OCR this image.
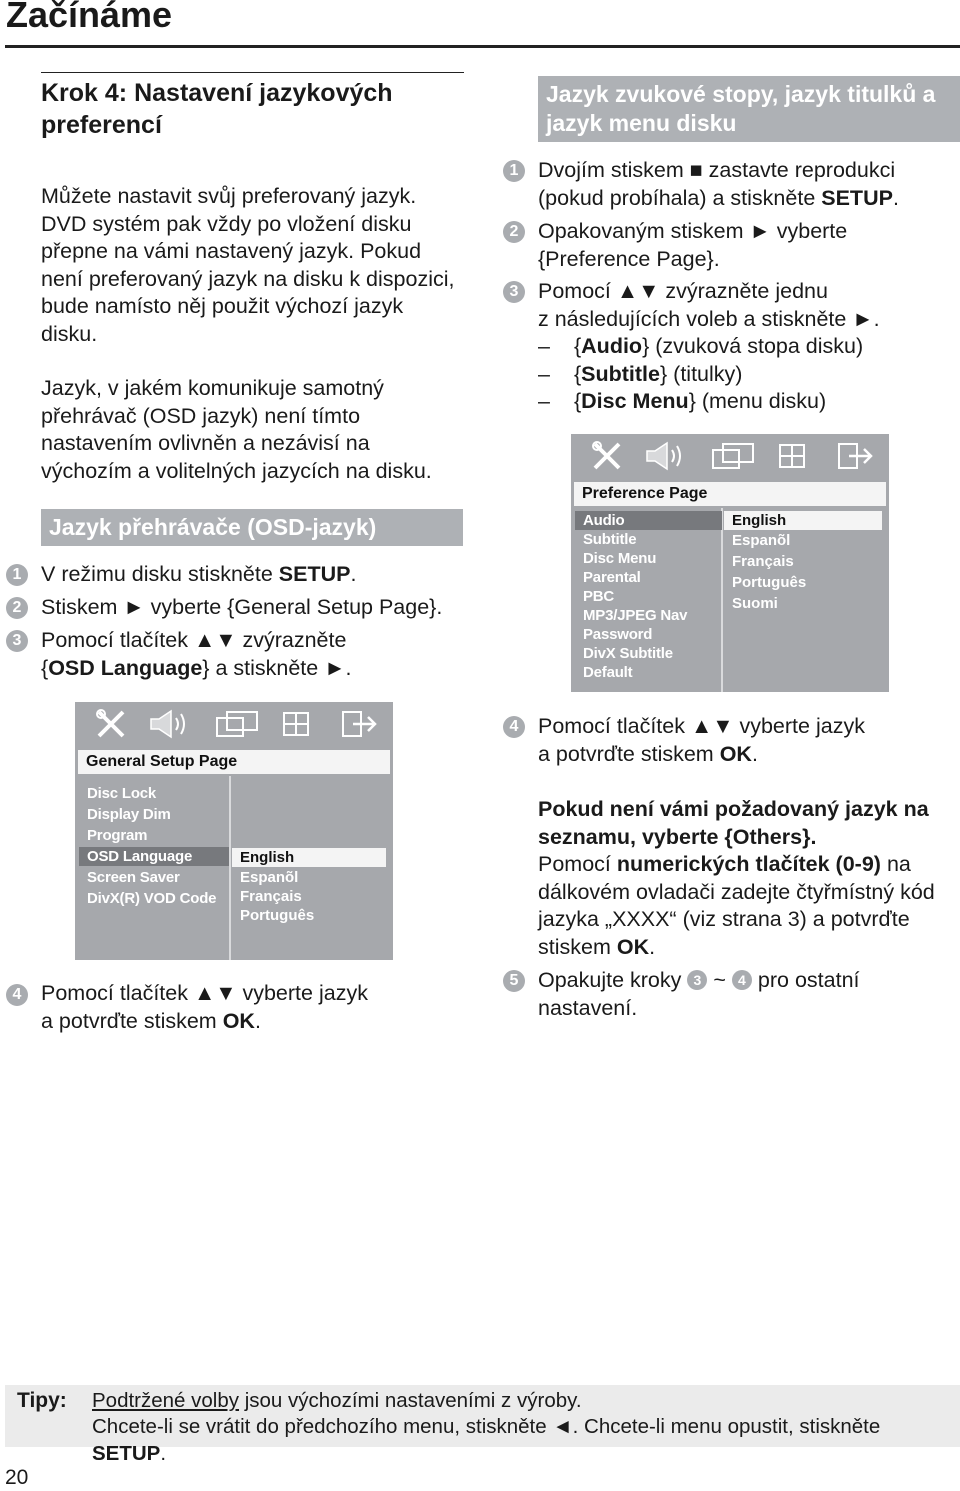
Začínáme
Krok 4: Nastavení jazykových preferencí

Můžete nastavit svůj preferovaný jazyk. DVD systém pak vždy po vložení disku přepne na vámi nastavený jazyk. Pokud není preferovaný jazyk na disku k dispozici, bude namísto něj použit výchozí jazyk disku.

Jazyk, v jakém komunikuje samotný přehrávač (OSD jazyk) není tímto nastavením ovlivněn a nezávisí na výchozím a volitelných jazycích na disku.

Jazyk přehrávače (OSD-jazyk)
1 V režimu disku stiskněte SETUP.
2 Stiskem ► vyberte {General Setup Page}.
3 Pomocí tlačítek ▲▼ zvýrazněte
{OSD Language} a stiskněte ►.
General Setup Page
Disc Lock
Display Dim
Program
OSD Language
Screen Saver
DivX(R) VOD Code
English
Espanõl
Français
Português
4 Pomocí tlačítek ▲▼ vyberte jazyk
a potvrďte stiskem OK.
Jazyk zvukové stopy, jazyk titulků a jazyk menu disku
1 Dvojím stiskem ■ zastavte reprodukci
(pokud probíhala) a stiskněte SETUP.
2 Opakovaným stiskem ► vyberte
{Preference Page}.
3 Pomocí ▲▼ zvýrazněte jednu
z následujících voleb a stiskněte ►.
– {Audio} (zvuková stopa disku)
– {Subtitle} (titulky)
– {Disc Menu} (menu disku)
Preference Page
Audio
Subtitle
Disc Menu
Parental
PBC
MP3/JPEG Nav
Password
DivX Subtitle
Default
English
Espanõl
Français
Português
Suomi
4 Pomocí tlačítek ▲▼ vyberte jazyk
a potvrďte stiskem OK.
Pokud není vámi požadovaný jazyk na seznamu, vyberte {Others}.
Pomocí numerických tlačítek (0-9) na dálkovém ovladači zadejte čtyřmístný kód jazyka „XXXX“ (viz strana 3) a potvrďte stiskem OK.
5 Opakujte kroky 3 ~ 4 pro ostatní
nastavení.
Tipy: Podtržené volby jsou výchozími nastaveními z výroby.
Chcete-li se vrátit do předchozího menu, stiskněte ◄. Chcete-li menu opustit, stiskněte SETUP.
20
